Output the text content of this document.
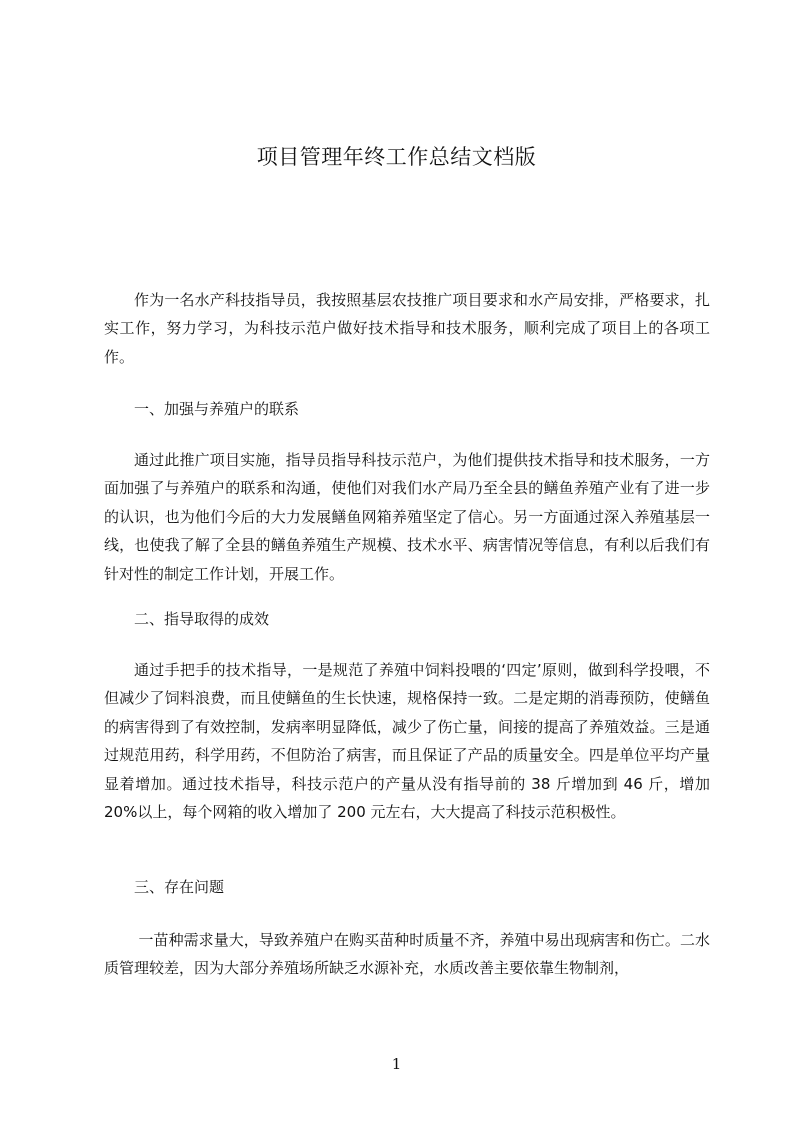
项目管理年终工作总结文档版

作为一名水产科技指导员，我按照基层农技推广项目要求和水产局安排，严格要求，扎实工作，努力学习，为科技示范户做好技术指导和技术服务，顺利完成了项目上的各项工作。

一、加强与养殖户的联系

通过此推广项目实施，指导员指导科技示范户，为他们提供技术指导和技术服务，一方面加强了与养殖户的联系和沟通，使他们对我们水产局乃至全县的鳝鱼养殖产业有了进一步的认识，也为他们今后的大力发展鳝鱼网箱养殖坚定了信心。另一方面通过深入养殖基层一线，也使我了解了全县的鳝鱼养殖生产规模、技术水平、病害情况等信息，有利以后我们有针对性的制定工作计划，开展工作。

二、指导取得的成效

通过手把手的技术指导，一是规范了养殖中饲料投喂的‘四定’原则，做到科学投喂，不但减少了饲料浪费，而且使鳝鱼的生长快速，规格保持一致。二是定期的消毒预防，使鳝鱼的病害得到了有效控制，发病率明显降低，减少了伤亡量，间接的提高了养殖效益。三是通过规范用药，科学用药，不但防治了病害，而且保证了产品的质量安全。四是单位平均产量显着增加。通过技术指导，科技示范户的产量从没有指导前的 38 斤增加到 46 斤，增加 20%以上，每个网箱的收入增加了 200 元左右，大大提高了科技示范积极性。

三、存在问题

一苗种需求量大，导致养殖户在购买苗种时质量不齐，养殖中易出现病害和伤亡。二水质管理较差，因为大部分养殖场所缺乏水源补充，水质改善主要依靠生物制剂，

1
